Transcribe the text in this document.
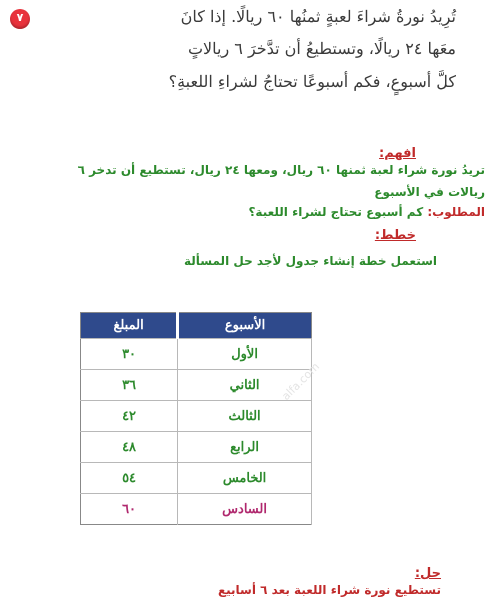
٧	تُرِيدُ نورةُ شراءَ لعبةٍ ثمنُها ٦٠ ريالًا. إذا كانَ
معَها ٢٤ ريالًا، وتستطيعُ أن تدَّخرَ ٦ ريالاتٍ
كلَّ أسبوعٍ، فكم أسبوعًا تحتاجُ لشراءِ اللعبةِ؟
افهم:
تريدُ نورة شراء لعبة ثمنها ٦٠ ريال، ومعها ٢٤ ريال، تستطيع أن تدخر ٦
ريالات في الأسبوع
المطلوب: كم أسبوع تحتاج لشراء اللعبة؟
خطط:
استعمل خطة إنشاء جدول لأجد حل المسألة
المبلغ	الأسبوع
٣٠	الأول
٣٦	الثاني
٤٢	الثالث
٤٨	الرابع
٥٤	الخامس
٦٠	السادس
alfa.com
حل:
تستطيع نورة شراء اللعبة بعد ٦ أسابيع
